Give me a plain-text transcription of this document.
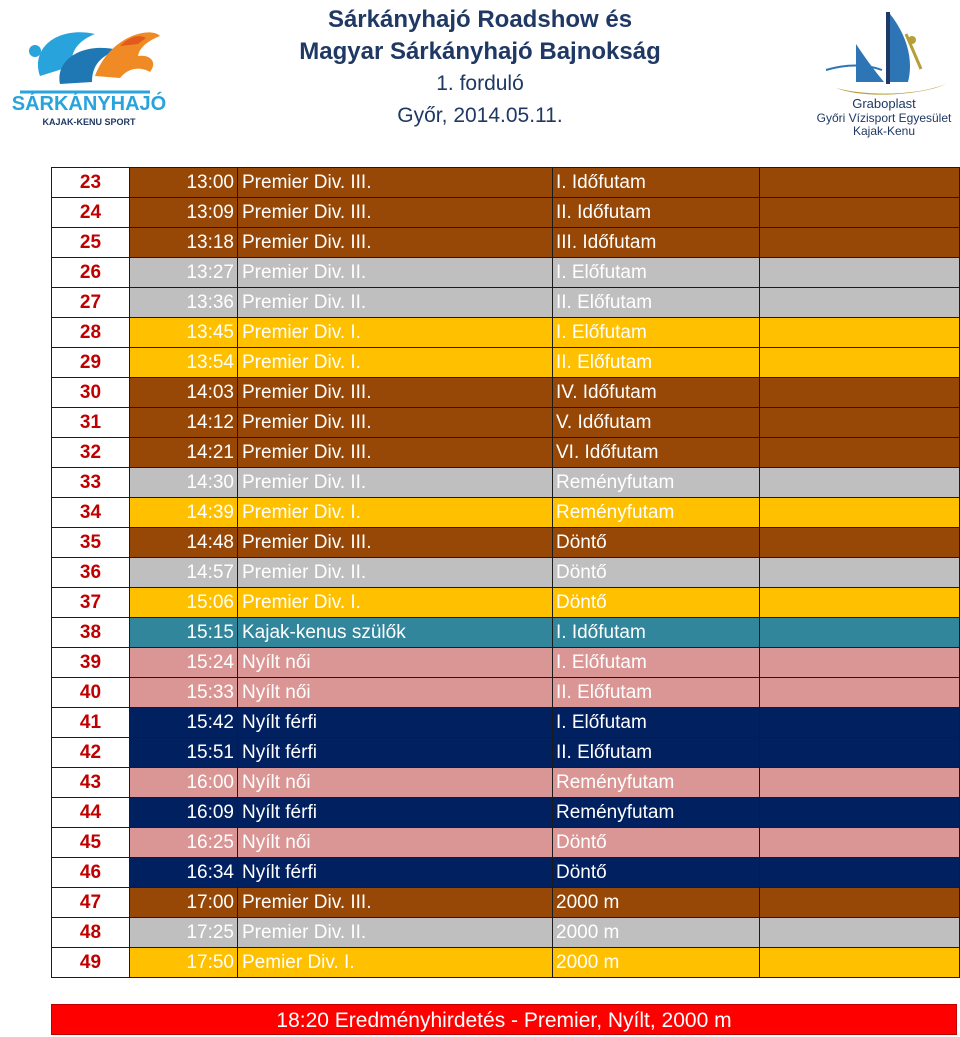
SÁRKÁNYHAJÓ
KAJAK-KENU SPORT
Sárkányhajó Roadshow és
Magyar Sárkányhajó Bajnokság
1. forduló
Győr, 2014.05.11.
Graboplast
Győri Vízisport Egyesület
Kajak-Kenu
23	13:00	Premier Div. III.	I. Időfutam	
24	13:09	Premier Div. III.	II. Időfutam	
25	13:18	Premier Div. III.	III. Időfutam	
26	13:27	Premier Div. II.	I. Előfutam	
27	13:36	Premier Div. II.	II. Előfutam	
28	13:45	Premier Div. I.	I. Előfutam	
29	13:54	Premier Div. I.	II. Előfutam	
30	14:03	Premier Div. III.	IV. Időfutam	
31	14:12	Premier Div. III.	V. Időfutam	
32	14:21	Premier Div. III.	VI. Időfutam	
33	14:30	Premier Div. II.	Reményfutam	
34	14:39	Premier Div. I.	Reményfutam	
35	14:48	Premier Div. III.	Döntő	
36	14:57	Premier Div. II.	Döntő	
37	15:06	Premier Div. I.	Döntő	
38	15:15	Kajak-kenus szülők	I. Időfutam	
39	15:24	Nyílt női	I. Előfutam	
40	15:33	Nyílt női	II. Előfutam	
41	15:42	Nyílt férfi	I. Előfutam	
42	15:51	Nyílt férfi	II. Előfutam	
43	16:00	Nyílt női	Reményfutam	
44	16:09	Nyílt férfi	Reményfutam	
45	16:25	Nyílt női	Döntő	
46	16:34	Nyílt férfi	Döntő	
47	17:00	Premier Div. III.	2000 m	
48	17:25	Premier Div. II.	2000 m	
49	17:50	Pemier Div. I.	2000 m	
18:20 Eredményhirdetés - Premier, Nyílt, 2000 m
